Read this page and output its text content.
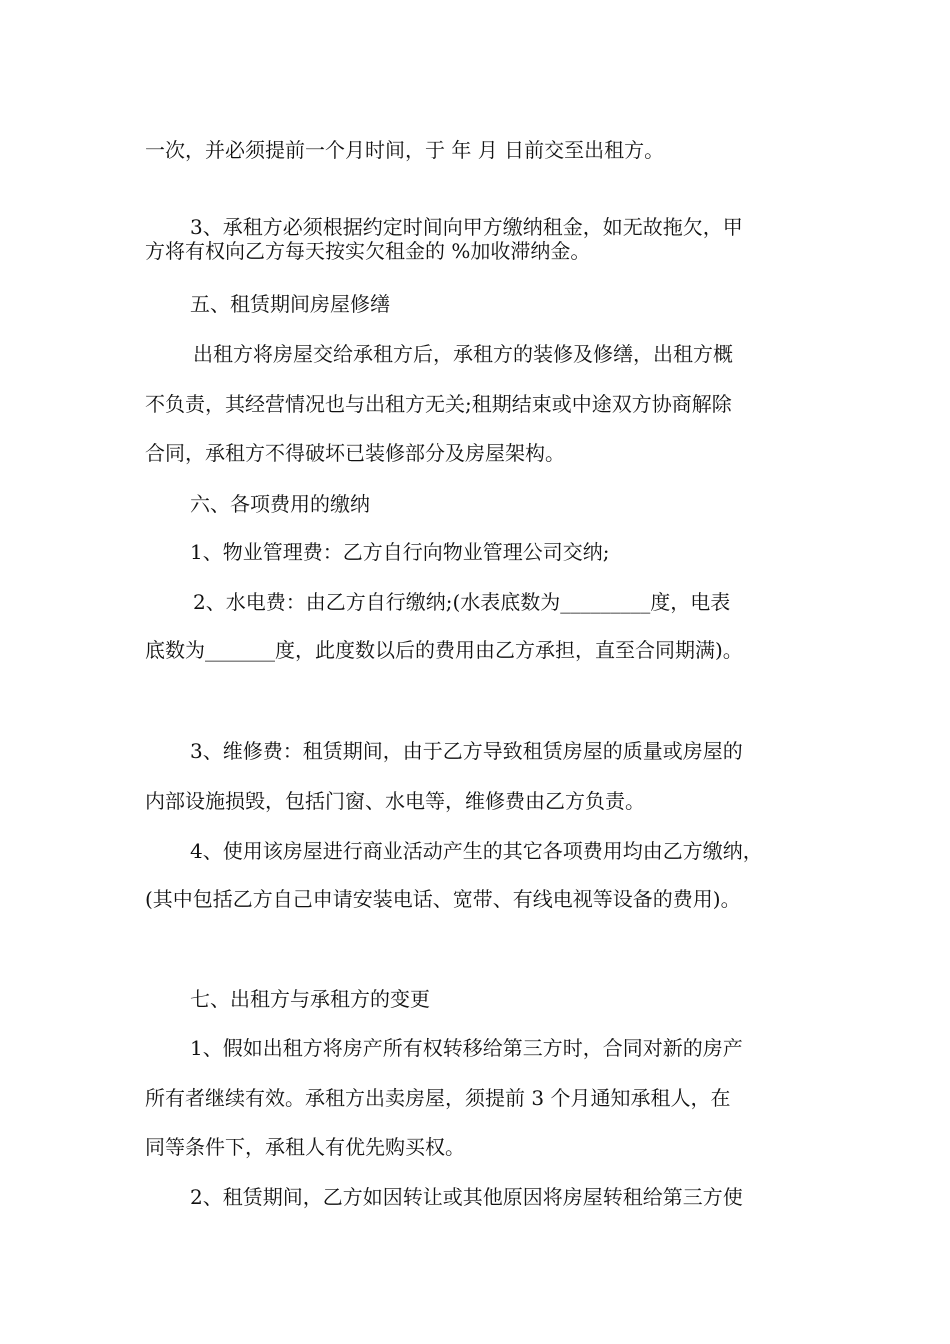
一次，并必须提前一个月时间，于 年 月 日前交至出租方。
3、承租方必须根据约定时间向甲方缴纳租金，如无故拖欠，甲
方将有权向乙方每天按实欠租金的 %加收滞纳金。
五、租赁期间房屋修缮
出租方将房屋交给承租方后，承租方的装修及修缮，出租方概
不负责，其经营情况也与出租方无关;租期结束或中途双方协商解除
合同，承租方不得破坏已装修部分及房屋架构。
六、各项费用的缴纳
1、物业管理费：乙方自行向物业管理公司交纳;
2、水电费：由乙方自行缴纳;(水表底数为_________度，电表
底数为_______度，此度数以后的费用由乙方承担，直至合同期满)。
3、维修费：租赁期间，由于乙方导致租赁房屋的质量或房屋的
内部设施损毁，包括门窗、水电等，维修费由乙方负责。
4、使用该房屋进行商业活动产生的其它各项费用均由乙方缴纳，
(其中包括乙方自己申请安装电话、宽带、有线电视等设备的费用)。
七、出租方与承租方的变更
1、假如出租方将房产所有权转移给第三方时，合同对新的房产
所有者继续有效。承租方出卖房屋，须提前 3 个月通知承租人，在
同等条件下，承租人有优先购买权。
2、租赁期间，乙方如因转让或其他原因将房屋转租给第三方使
